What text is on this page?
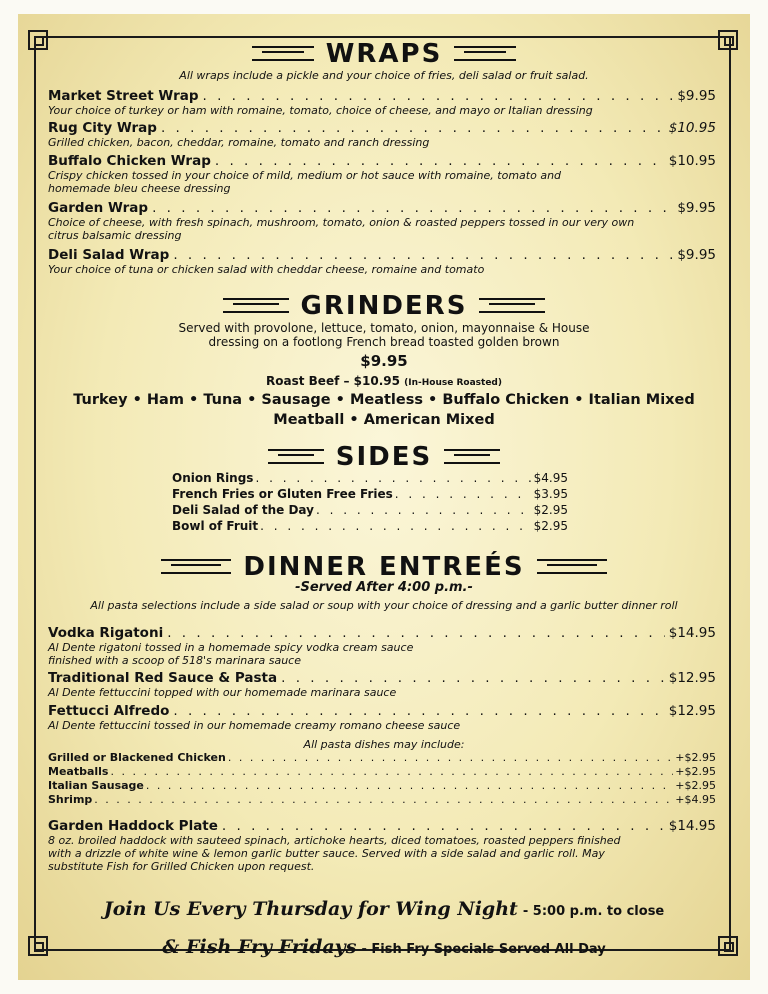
WRAPS
All wraps include a pickle and your choice of fries, deli salad or fruit salad.
Market Street Wrap . . .	$9.95
Your choice of turkey or ham with romaine, tomato, choice of cheese, and mayo or Italian dressing
Rug City Wrap . . .	$10.95
Grilled chicken, bacon, cheddar, romaine, tomato and ranch dressing
Buffalo Chicken Wrap . . .	$10.95
Crispy chicken tossed in your choice of mild, medium or hot sauce with romaine, tomato and homemade bleu cheese dressing
Garden Wrap . . .	$9.95
Choice of cheese, with fresh spinach, mushroom, tomato, onion & roasted peppers tossed in our very own citrus balsamic dressing
Deli Salad Wrap . . .	$9.95
Your choice of tuna or chicken salad with cheddar cheese, romaine and tomato
GRINDERS
Served with provolone, lettuce, tomato, onion, mayonnaise & House dressing on a footlong French bread toasted golden brown
$9.95
Roast Beef – $10.95 (In-House Roasted)
Turkey • Ham • Tuna • Sausage • Meatless • Buffalo Chicken • Italian Mixed
Meatball • American Mixed
SIDES
Onion Rings . . .	$4.95
French Fries or Gluten Free Fries . . .	$3.95
Deli Salad of the Day . . .	$2.95
Bowl of Fruit . . .	$2.95
DINNER ENTREÉS
-Served After 4:00 p.m.-
All pasta selections include a side salad or soup with your choice of dressing and a garlic butter dinner roll
Vodka Rigatoni . . .	$14.95
Al Dente rigatoni tossed in a homemade spicy vodka cream sauce finished with a scoop of 518's marinara sauce
Traditional Red Sauce & Pasta . . .	$12.95
Al Dente fettuccini topped with our homemade marinara sauce
Fettucci Alfredo . . .	$12.95
Al Dente fettuccini tossed in our homemade creamy romano cheese sauce
All pasta dishes may include:
Grilled or Blackened Chicken . . .	+$2.95
Meatballs . . .	+$2.95
Italian Sausage . . .	+$2.95
Shrimp . . .	+$4.95
Garden Haddock Plate . . .	$14.95
8 oz. broiled haddock with sauteed spinach, artichoke hearts, diced tomatoes, roasted peppers finished with a drizzle of white wine & lemon garlic butter sauce. Served with a side salad and garlic roll. May substitute Fish for Grilled Chicken upon request.
Join Us Every Thursday for Wing Night - 5:00 p.m. to close
& Fish Fry Fridays - Fish Fry Specials Served All Day
